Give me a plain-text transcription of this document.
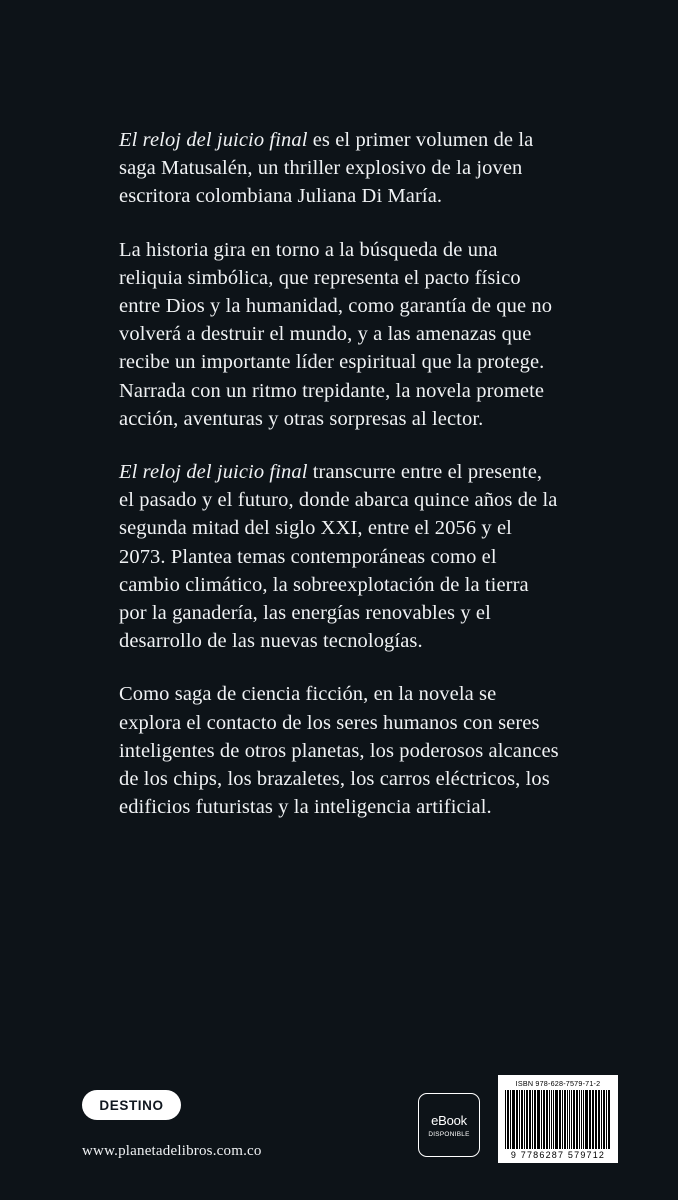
El reloj del juicio final es el primer volumen de la saga Matusalén, un thriller explosivo de la joven escritora colombiana Juliana Di María.

La historia gira en torno a la búsqueda de una reliquia simbólica, que representa el pacto físico entre Dios y la humanidad, como garantía de que no volverá a destruir el mundo, y a las amenazas que recibe un importante líder espiritual que la protege.

Narrada con un ritmo trepidante, la novela promete acción, aventuras y otras sorpresas al lector.

El reloj del juicio final transcurre entre el presente, el pasado y el futuro, donde abarca quince años de la segunda mitad del siglo XXI, entre el 2056 y el 2073. Plantea temas contemporáneas como el cambio climático, la sobreexplotación de la tierra por la ganadería, las energías renovables y el desarrollo de las nuevas tecnologías.

Como saga de ciencia ficción, en la novela se explora el contacto de los seres humanos con seres inteligentes de otros planetas, los poderosos alcances de los chips, los brazaletes, los carros eléctricos, los edificios futuristas y la inteligencia artificial.

DESTINO
www.planetadelibros.com.co
eBook
DISPONIBLE
ISBN 978-628-7579-71-2
9 7786287 579712
